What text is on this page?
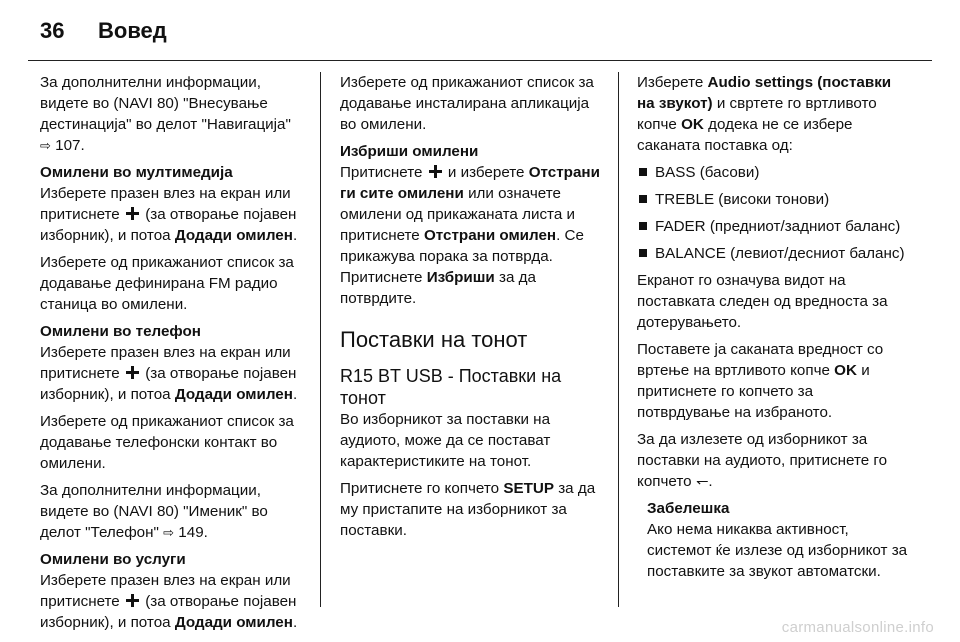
36	Вовед

За дополнителни информации, видете во (NAVI 80) "Внесување дестинација" во делот "Навигација"
⇨ 107.

Омилени во мултимедија

Изберете празен влез на екран или притиснете (за отворање појавен изборник), и потоа Додади омилен.

Изберете од прикажаниот список за додавање дефинирана FM радио станица во омилени.

Омилени во телефон

Изберете празен влез на екран или притиснете (за отворање појавен изборник), и потоа Додади омилен.

Изберете од прикажаниот список за додавање телефонски контакт во омилени.

За дополнителни информации, видете во (NAVI 80) "Именик" во делот "Телефон" ⇨ 149.

Омилени во услуги

Изберете празен влез на екран или притиснете (за отворање појавен изборник), и потоа Додади омилен.

Изберете од прикажаниот список за додавање инсталирана апликација во омилени.

Избриши омилени

Притиснете и изберете Отстрани ги сите омилени или означете омилени од прикажаната листа и притиснете Отстрани омилен. Се прикажува порака за потврда. Притиснете Избриши за да потврдите.

Поставки на тонот
R15 BT USB - Поставки на тонот

Во изборникот за поставки на аудиото, може да се постават карактеристиките на тонот.

Притиснете го копчето SETUP за да му пристапите на изборникот за поставки.

Изберете Audio settings (поставки на звукот) и свртете го вртливото копче OK додека не се избере саканата поставка од:

BASS (басови)
TREBLE (високи тонови)
FADER (предниот/задниот баланс)
BALANCE (левиот/десниот баланс)

Екранот го означува видот на поставката следен од вредноста за дотерувањето.

Поставете ја саканата вредност со вртење на вртливото копче OK и притиснете го копчето за потврдување на избраното.

За да излезете од изборникот за поставки на аудиото, притиснете го копчето ⇁.

Забелешка

Ако нема никаква активност, системот ќе излезе од изборникот за поставките за звукот автоматски.

carmanualsonline.info
